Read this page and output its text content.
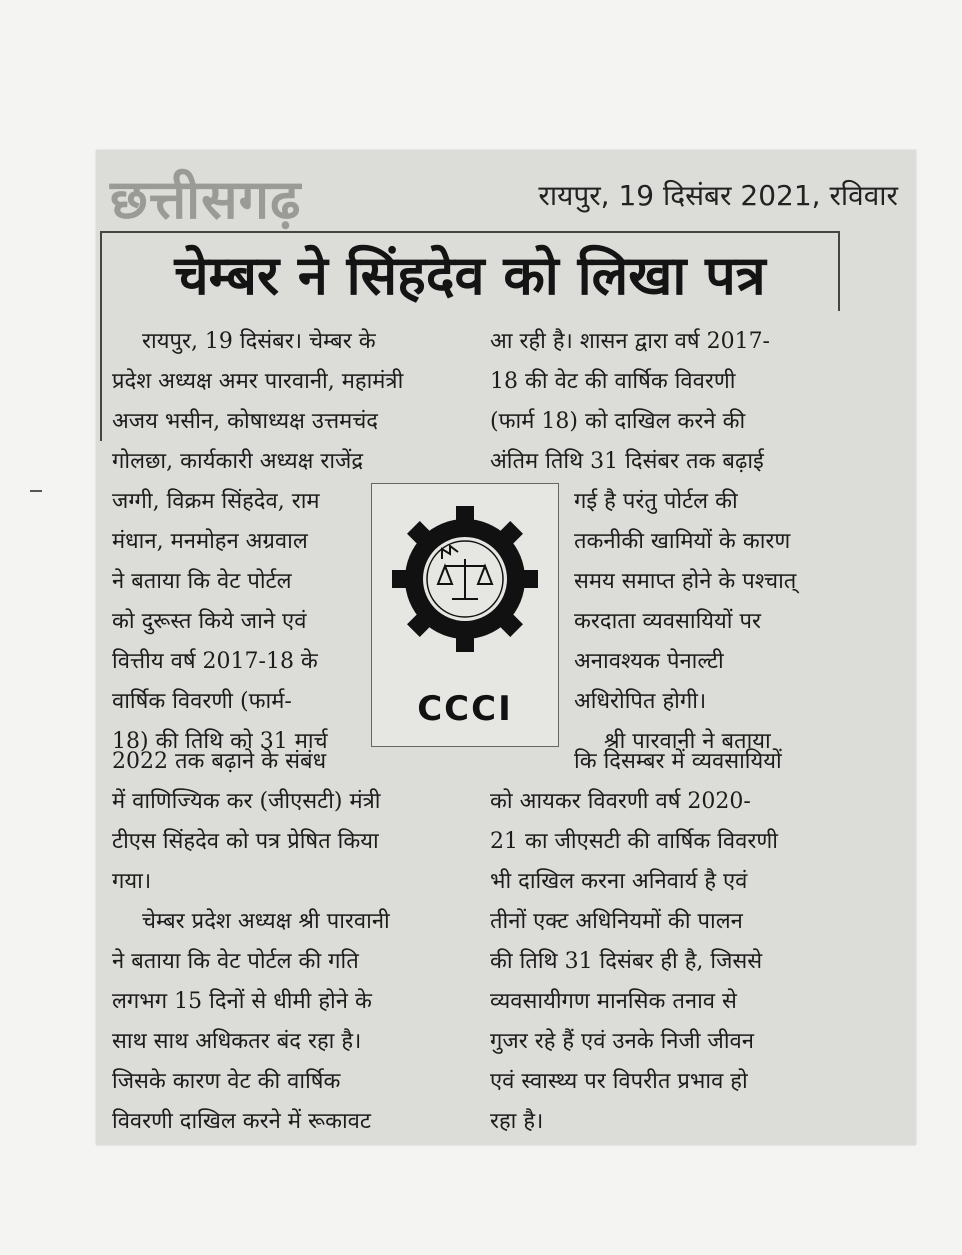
छत्तीसगढ़	रायपुर, 19 दिसंबर 2021, रविवार
चेम्बर ने सिंहदेव को लिखा पत्र
रायपुर, 19 दिसंबर। चेम्बर के
प्रदेश अध्यक्ष अमर पारवानी, महामंत्री
अजय भसीन, कोषाध्यक्ष उत्तमचंद
गोलछा, कार्यकारी अध्यक्ष राजेंद्र
जग्गी, विक्रम सिंहदेव, राम
मंधान, मनमोहन अग्रवाल
ने बताया कि वेट पोर्टल
को दुरूस्त किये जाने एवं
वित्तीय वर्ष 2017-18 के
वार्षिक विवरणी (फार्म-
18) की तिथि को 31 मार्च
2022 तक बढ़ाने के संबंध
में वाणिज्यिक कर (जीएसटी) मंत्री
टीएस सिंहदेव को पत्र प्रेषित किया
गया।
चेम्बर प्रदेश अध्यक्ष श्री पारवानी
ने बताया कि वेट पोर्टल की गति
लगभग 15 दिनों से धीमी होने के
साथ साथ अधिकतर बंद रहा है।
जिसके कारण वेट की वार्षिक
विवरणी दाखिल करने में रूकावट
CCCI
आ रही है। शासन द्वारा वर्ष 2017-
18 की वेट की वार्षिक विवरणी
(फार्म 18) को दाखिल करने की
अंतिम तिथि 31 दिसंबर तक बढ़ाई
गई है परंतु पोर्टल की
तकनीकी खामियों के कारण
समय समाप्त होने के पश्चात्
करदाता व्यवसायियों पर
अनावश्यक पेनाल्टी
अधिरोपित होगी।
श्री पारवानी ने बताया
कि दिसम्बर में व्यवसायियों
को आयकर विवरणी वर्ष 2020-
21 का जीएसटी की वार्षिक विवरणी
भी दाखिल करना अनिवार्य है एवं
तीनों एक्ट अधिनियमों की पालन
की तिथि 31 दिसंबर ही है, जिससे
व्यवसायीगण मानसिक तनाव से
गुजर रहे हैं एवं उनके निजी जीवन
एवं स्वास्थ्य पर विपरीत प्रभाव हो
रहा है।
